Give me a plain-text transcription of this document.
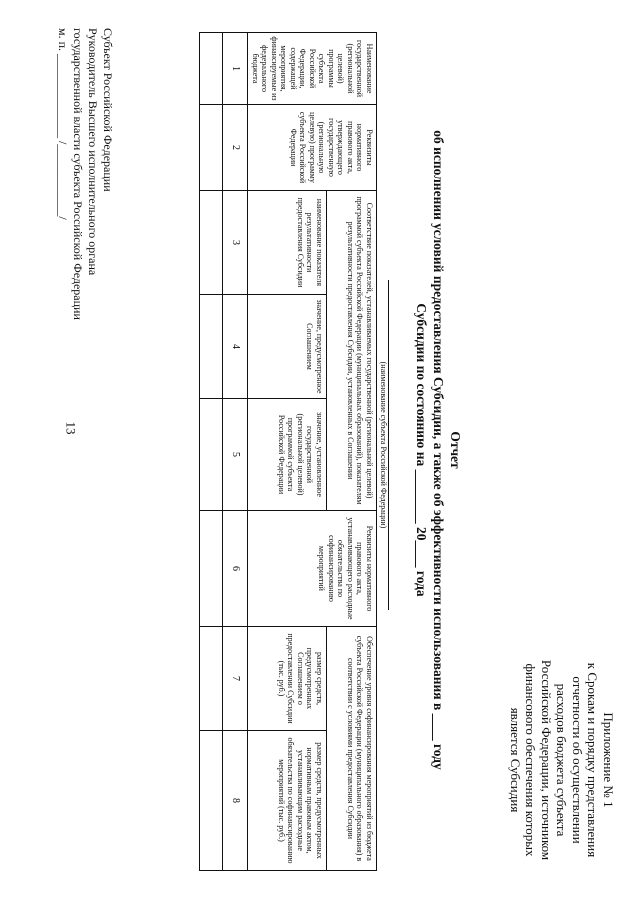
13
Приложение № 1
к Срокам и порядку представления
отчетности об осуществлении
расходов бюджета субъекта
Российской Федерации, источником
финансового обеспечения которых
является Субсидия
Отчет
об исполнении условий предоставления Субсидии, а также об эффективности использования в ____ году
Субсидии по состоянию на ________ 20____ года
(наименование субъекта Российской Федерации)
Наименование государственной (региональной целевой) программы субъекта Российской Федерации, содержащей мероприятия, финансируемые из федерального бюджета	Реквизиты нормативного правового акта, утверждающего государственную (региональную целевую) программу субъекта Российской Федерации	Соответствие показателей, устанавливаемых государственной (региональной целевой) программой субъекта Российской Федерации (муниципальных образований), показателям результативности предоставления Субсидии, установленных в Соглашении			Реквизиты нормативного правового акта, устанавливающего расходные обязательства по софинансированию мероприятий	Обеспечение уровня софинансирования мероприятий из бюджета субъекта Российской Федерации (муниципального образования) в соответствии с условиями предоставления Субсидии	
		наименование показателя результативности предоставления Субсидии	значение, предусмотренное Соглашением	значение, установленное государственной (региональной целевой) программой субъекта Российской Федерации		размер средств, предусмотренных Соглашением о предоставлении Субсидии (тыс. руб.)	размер средств, предусмотренных нормативным правовым актом, устанавливающим расходные обязательства по софинансированию мероприятий (тыс. руб.)
1	2	3	4	5	6	7	8

Субъект Российской Федерации
Руководитель Высшего исполнительного органа
государственной власти субъекта Российской Федерации
м. п. ______________ /____________/
